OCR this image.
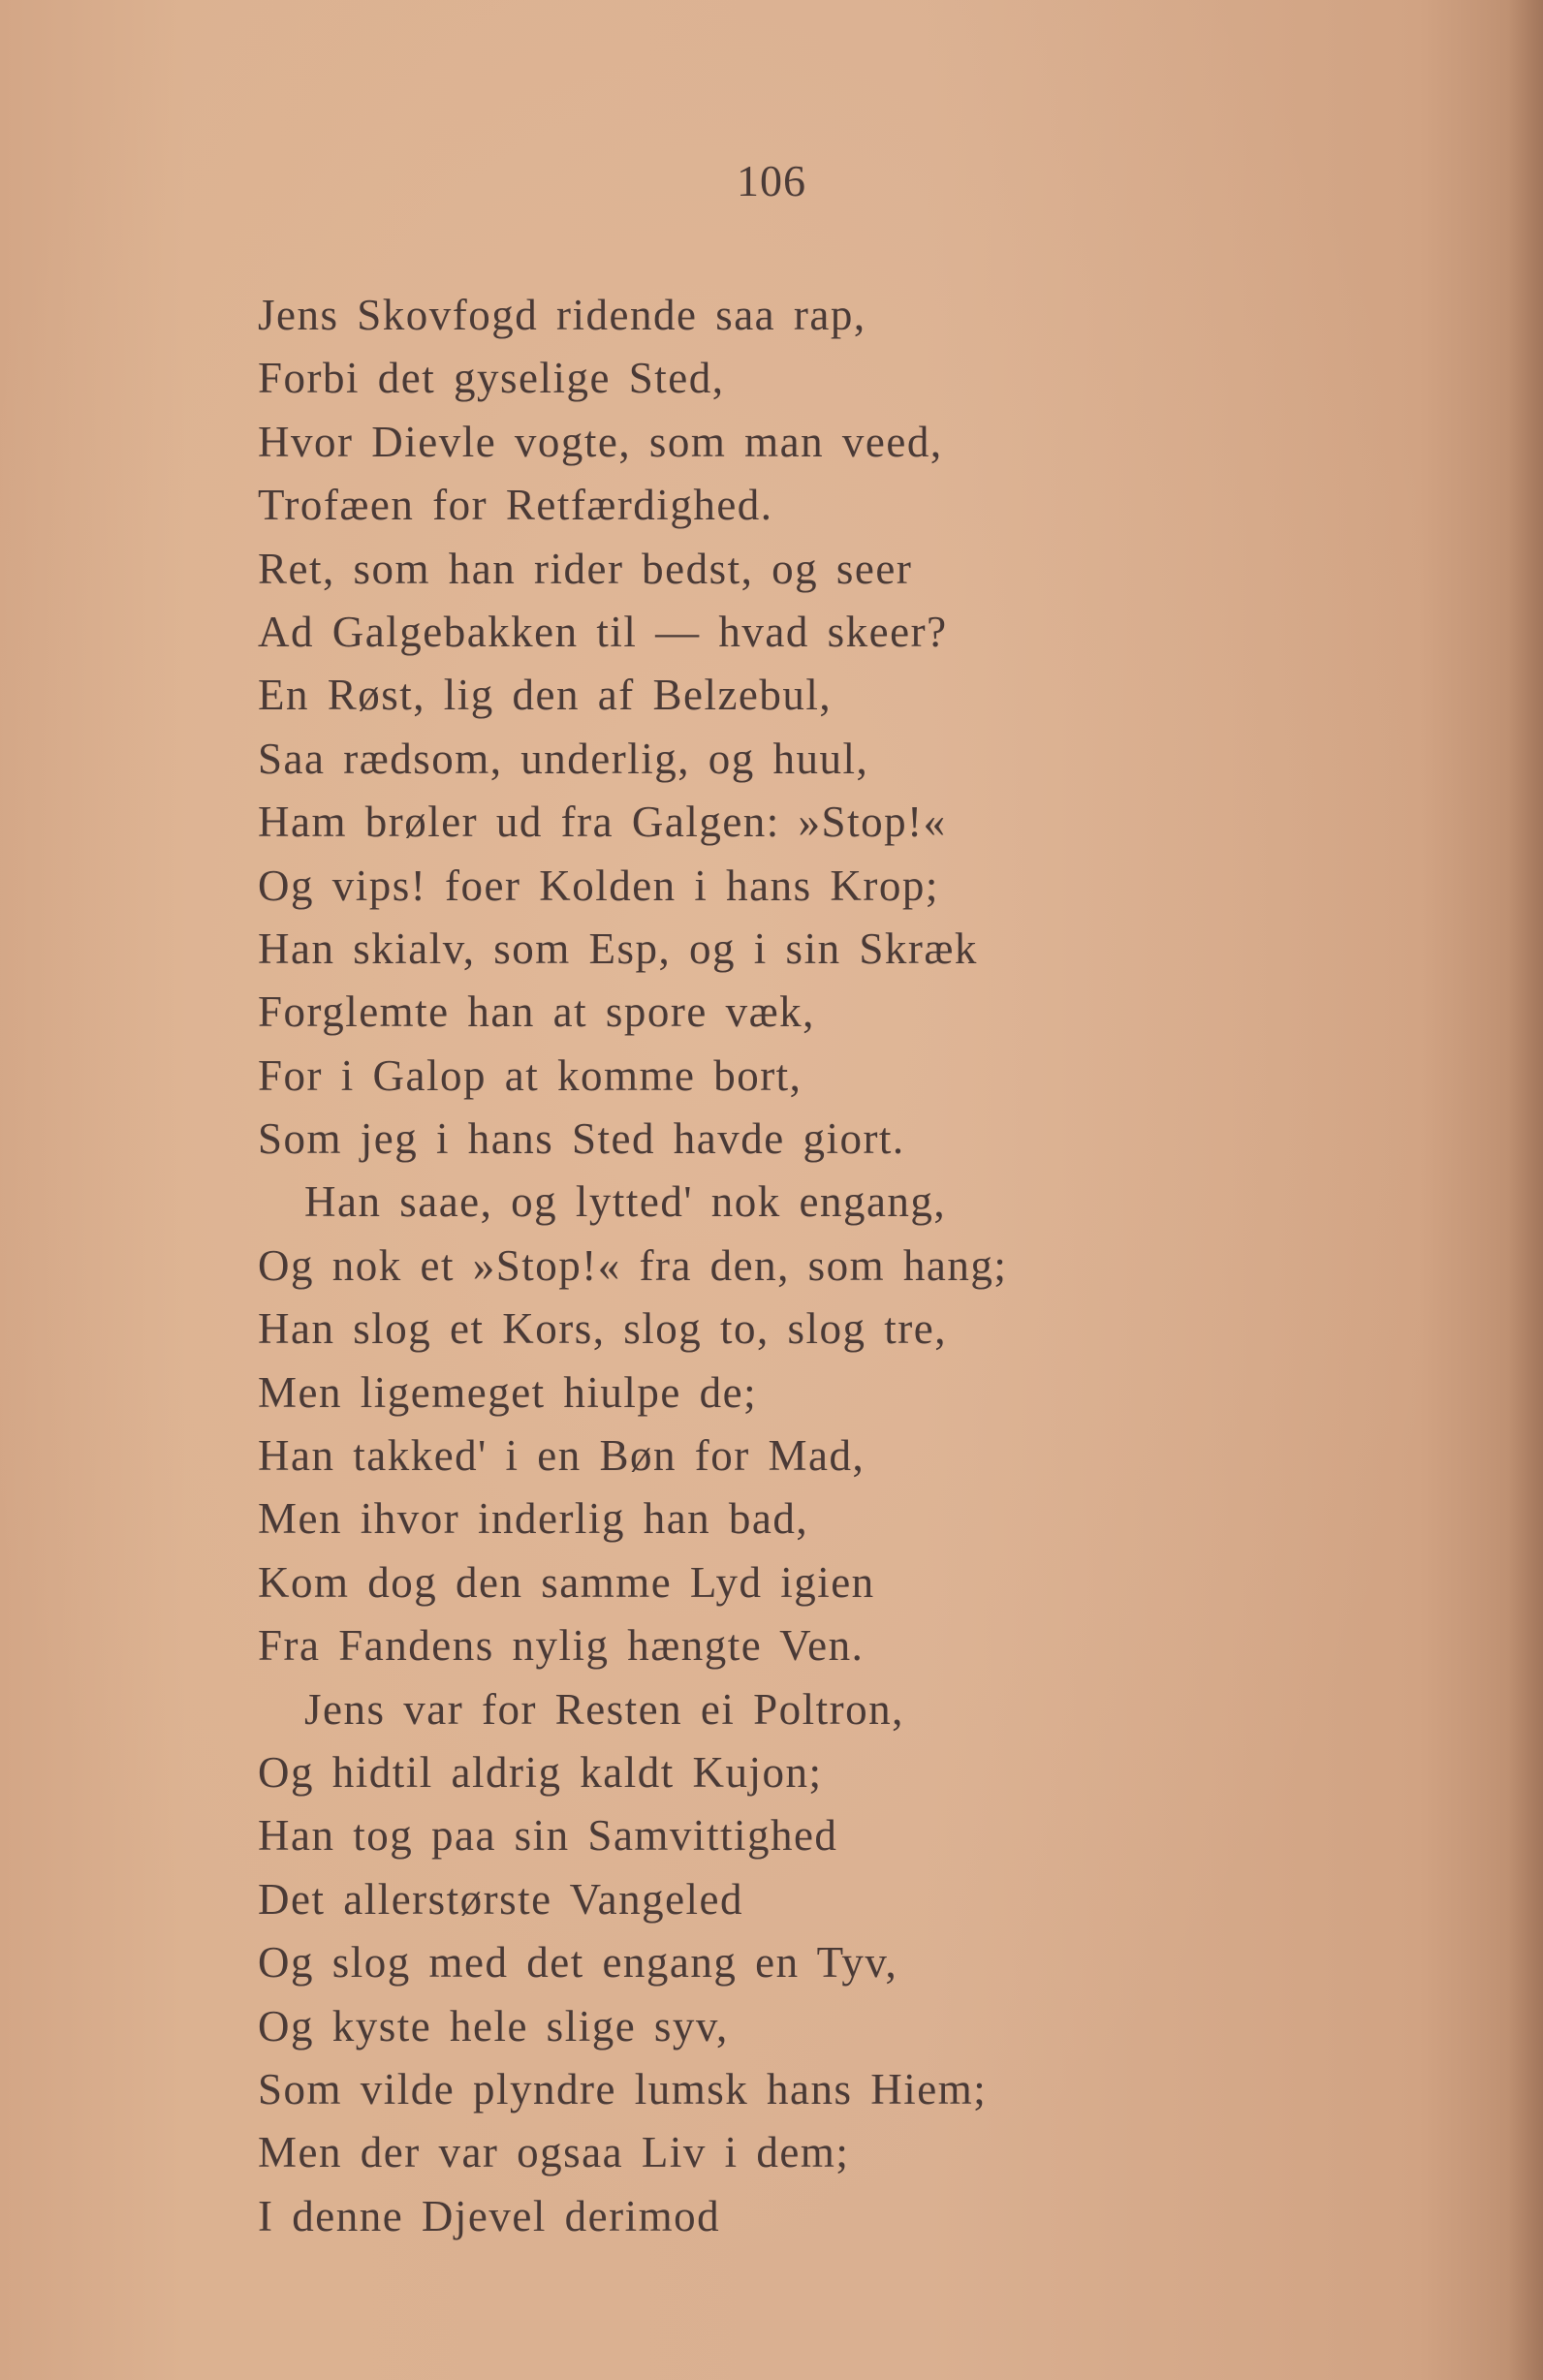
106
Jens Skovfogd ridende saa rap,
Forbi det gyselige Sted,
Hvor Dievle vogte, som man veed,
Trofæen for Retfærdighed.
Ret, som han rider bedst, og seer
Ad Galgebakken til — hvad skeer?
En Røst, lig den af Belzebul,
Saa rædsom, underlig, og huul,
Ham brøler ud fra Galgen: »Stop!«
Og vips! foer Kolden i hans Krop;
Han skialv, som Esp, og i sin Skræk
Forglemte han at spore væk,
For i Galop at komme bort,
Som jeg i hans Sted havde giort.
Han saae, og lytted' nok engang,
Og nok et »Stop!« fra den, som hang;
Han slog et Kors, slog to, slog tre,
Men ligemeget hiulpe de;
Han takked' i en Bøn for Mad,
Men ihvor inderlig han bad,
Kom dog den samme Lyd igien
Fra Fandens nylig hængte Ven.
Jens var for Resten ei Poltron,
Og hidtil aldrig kaldt Kujon;
Han tog paa sin Samvittighed
Det allerstørste Vangeled
Og slog med det engang en Tyv,
Og kyste hele slige syv,
Som vilde plyndre lumsk hans Hiem;
Men der var ogsaa Liv i dem;
I denne Djevel derimod
